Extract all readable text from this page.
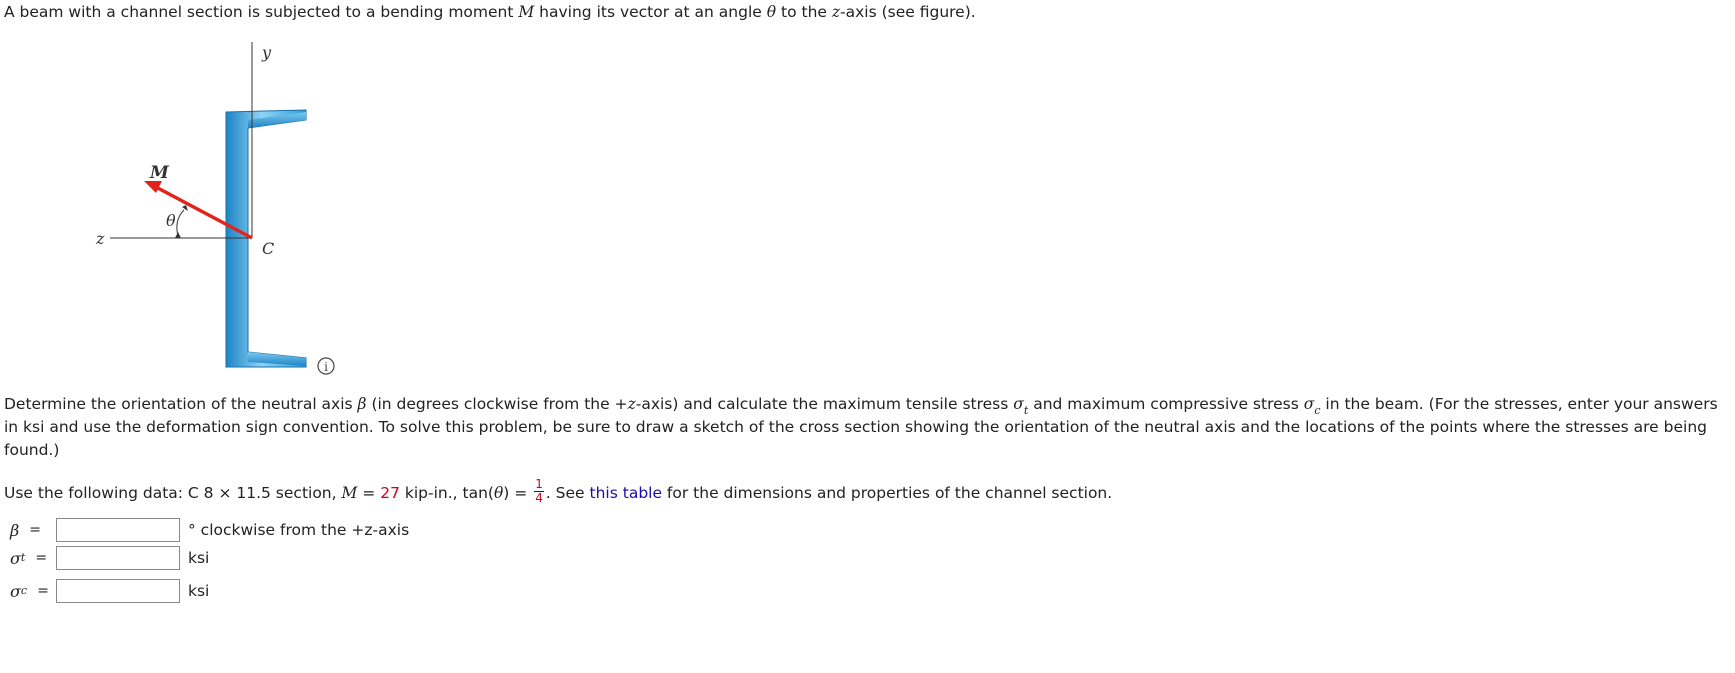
A beam with a channel section is subjected to a bending moment M having its vector at an angle θ to the z-axis (see figure).
y
z
M
θ
C
i
Determine the orientation of the neutral axis β (in degrees clockwise from the +z-axis) and calculate the maximum tensile stress $\sigma_t$ and maximum compressive stress $\sigma_c$ in the beam. (For the stresses, enter your answers in ksi and use the deformation sign convention. To solve this problem, be sure to draw a sketch of the cross section showing the orientation of the neutral axis and the locations of the points where the stresses are being found.)
Use the following data: C 8 × 11.5 section, M = 27 kip-in., $\tan(\theta) = \frac{1}{4}$ . See this table for the dimensions and properties of the channel section.
β =	° clockwise from the +z-axis
σ t =	ksi
σ c =	ksi
